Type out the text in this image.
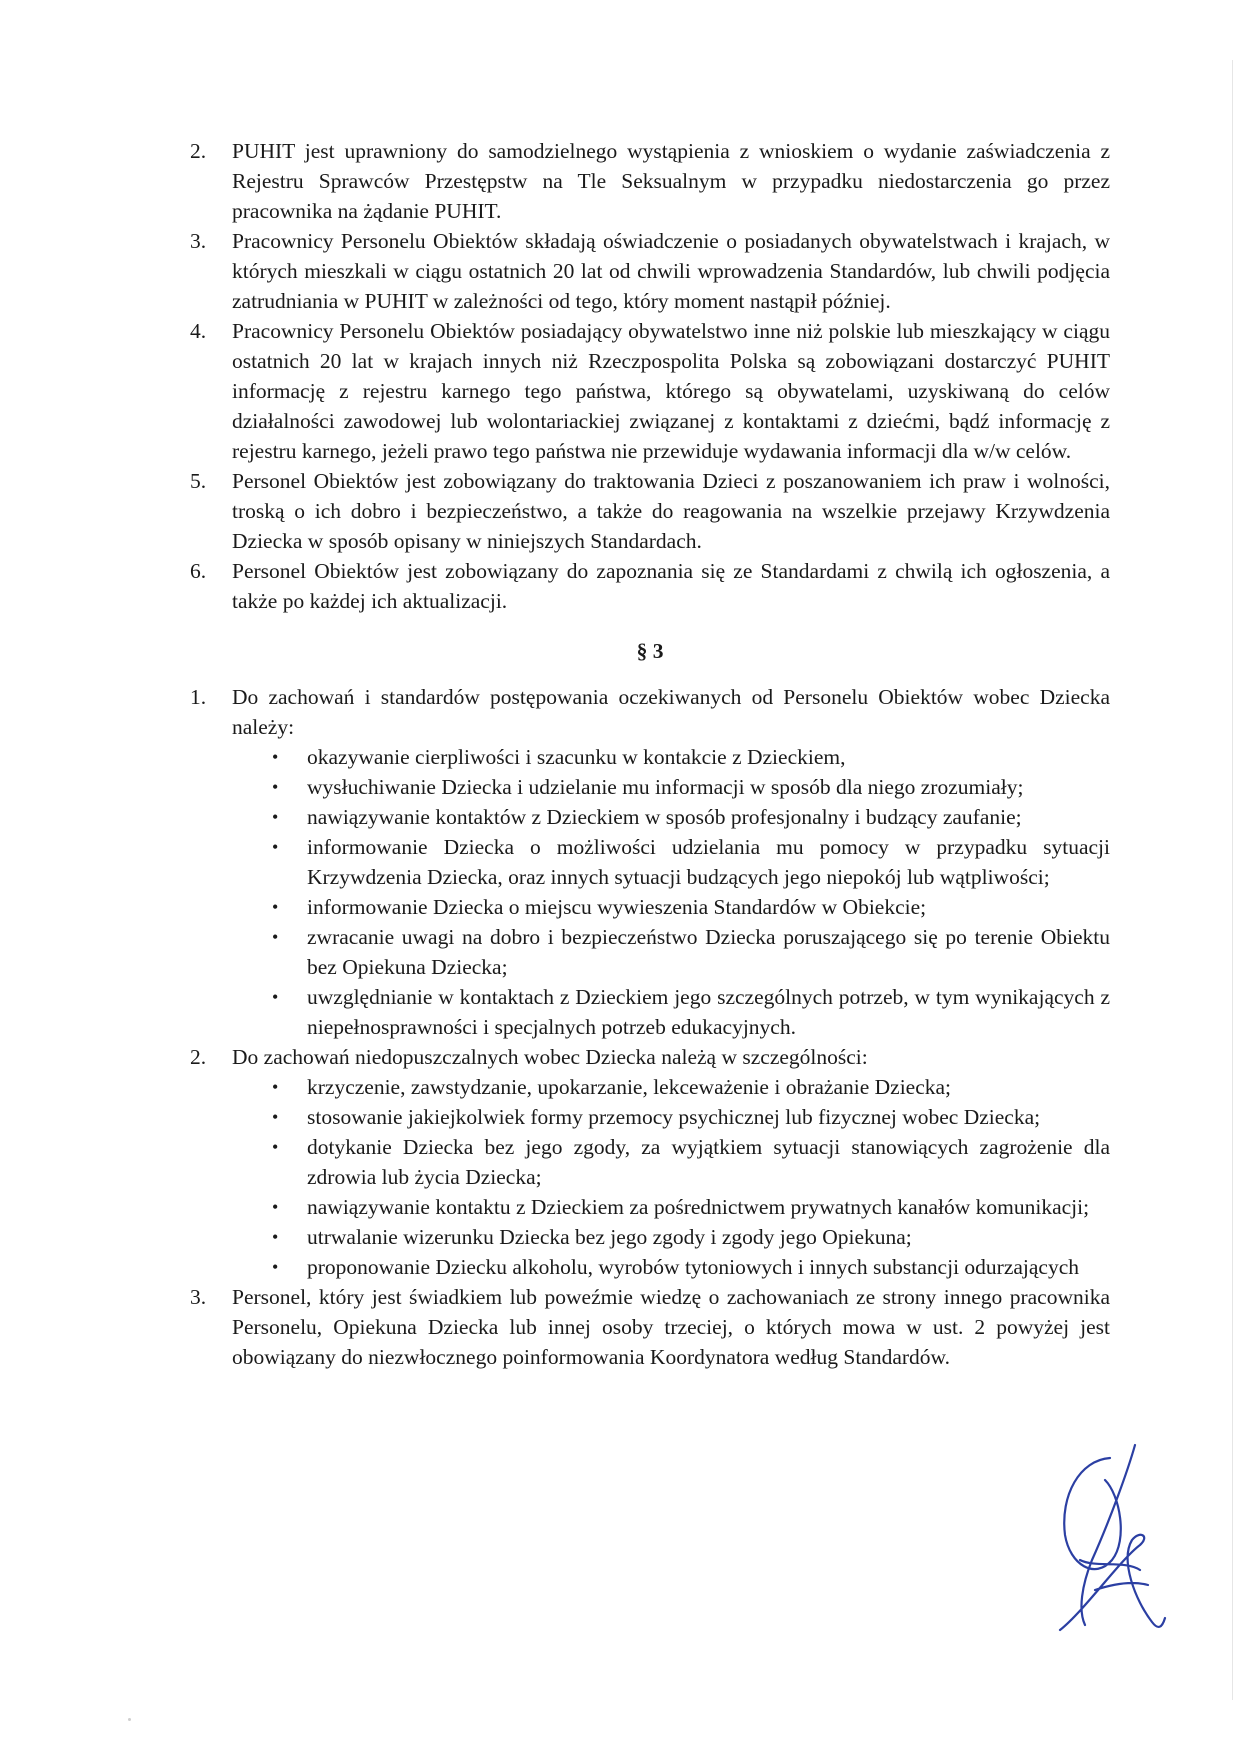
2. PUHIT jest uprawniony do samodzielnego wystąpienia z wnioskiem o wydanie zaświadczenia z Rejestru Sprawców Przestępstw na Tle Seksualnym w przypadku niedostarczenia go przez pracownika na żądanie PUHIT.
3. Pracownicy Personelu Obiektów składają oświadczenie o posiadanych obywatelstwach i krajach, w których mieszkali w ciągu ostatnich 20 lat od chwili wprowadzenia Standardów, lub chwili podjęcia zatrudniania w PUHIT w zależności od tego, który moment nastąpił później.
4. Pracownicy Personelu Obiektów posiadający obywatelstwo inne niż polskie lub mieszkający w ciągu ostatnich 20 lat w krajach innych niż Rzeczpospolita Polska są zobowiązani dostarczyć PUHIT informację z rejestru karnego tego państwa, którego są obywatelami, uzyskiwaną do celów działalności zawodowej lub wolontariackiej związanej z kontaktami z dziećmi, bądź informację z rejestru karnego, jeżeli prawo tego państwa nie przewiduje wydawania informacji dla w/w celów.
5. Personel Obiektów jest zobowiązany do traktowania Dzieci z poszanowaniem ich praw i wolności, troską o ich dobro i bezpieczeństwo, a także do reagowania na wszelkie przejawy Krzywdzenia Dziecka w sposób opisany w niniejszych Standardach.
6. Personel Obiektów jest zobowiązany do zapoznania się ze Standardami z chwilą ich ogłoszenia, a także po każdej ich aktualizacji.
§ 3
1. Do zachowań i standardów postępowania oczekiwanych od Personelu Obiektów wobec Dziecka należy:
• okazywanie cierpliwości i szacunku w kontakcie z Dzieckiem,
• wysłuchiwanie Dziecka i udzielanie mu informacji w sposób dla niego zrozumiały;
• nawiązywanie kontaktów z Dzieckiem w sposób profesjonalny i budzący zaufanie;
• informowanie Dziecka o możliwości udzielania mu pomocy w przypadku sytuacji Krzywdzenia Dziecka, oraz innych sytuacji budzących jego niepokój lub wątpliwości;
• informowanie Dziecka o miejscu wywieszenia Standardów w Obiekcie;
• zwracanie uwagi na dobro i bezpieczeństwo Dziecka poruszającego się po terenie Obiektu bez Opiekuna Dziecka;
• uwzględnianie w kontaktach z Dzieckiem jego szczególnych potrzeb, w tym wynikających z niepełnosprawności i specjalnych potrzeb edukacyjnych.
2. Do zachowań niedopuszczalnych wobec Dziecka należą w szczególności:
• krzyczenie, zawstydzanie, upokarzanie, lekceważenie i obrażanie Dziecka;
• stosowanie jakiejkolwiek formy przemocy psychicznej lub fizycznej wobec Dziecka;
• dotykanie Dziecka bez jego zgody, za wyjątkiem sytuacji stanowiących zagrożenie dla zdrowia lub życia Dziecka;
• nawiązywanie kontaktu z Dzieckiem za pośrednictwem prywatnych kanałów komunikacji;
• utrwalanie wizerunku Dziecka bez jego zgody i zgody jego Opiekuna;
• proponowanie Dziecku alkoholu, wyrobów tytoniowych i innych substancji odurzających
3. Personel, który jest świadkiem lub poweźmie wiedzę o zachowaniach ze strony innego pracownika Personelu, Opiekuna Dziecka lub innej osoby trzeciej, o których mowa w ust. 2 powyżej jest obowiązany do niezwłocznego poinformowania Koordynatora według Standardów.
